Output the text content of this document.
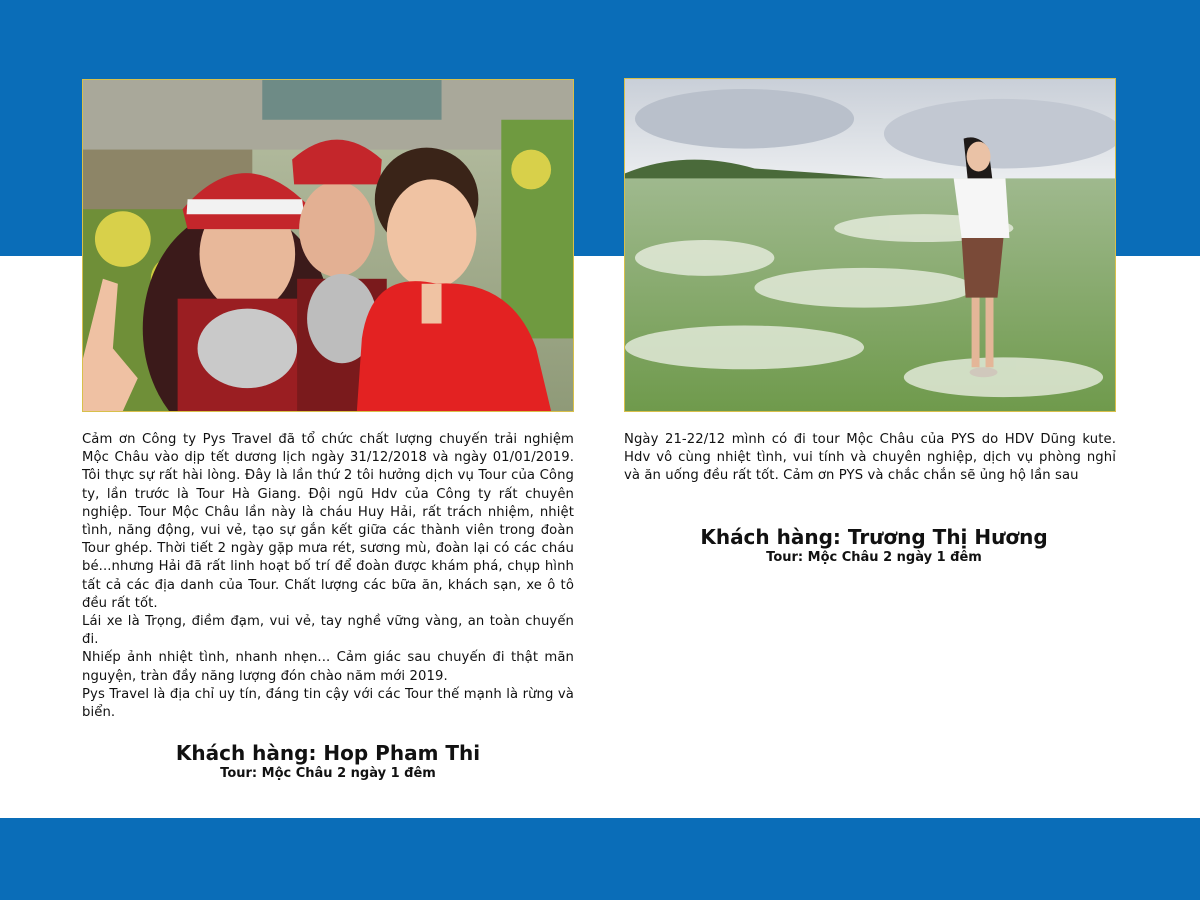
Cảm ơn Công ty Pys Travel đã tổ chức chất lượng chuyến trải nghiệm Mộc Châu vào dịp tết dương lịch ngày 31/12/2018 và ngày 01/01/2019. Tôi thực sự rất hài lòng. Đây là lần thứ 2 tôi hưởng dịch vụ Tour của Công ty, lần trước là Tour Hà Giang. Đội ngũ Hdv của Công ty rất chuyên nghiệp. Tour Mộc Châu lần này là cháu Huy Hải, rất trách nhiệm, nhiệt tình, năng động, vui vẻ, tạo sự gắn kết giữa các thành viên trong đoàn Tour ghép. Thời tiết 2 ngày gặp mưa rét, sương mù, đoàn lại có các cháu bé...nhưng Hải đã rất linh hoạt bố trí để đoàn được khám phá, chụp hình tất cả các địa danh của Tour. Chất lượng các bữa ăn, khách sạn, xe ô tô đều rất tốt.

Lái xe là Trọng, điềm đạm, vui vẻ, tay nghề vững vàng, an toàn chuyến đi.

Nhiếp ảnh nhiệt tình, nhanh nhẹn... Cảm giác sau chuyến đi thật mãn nguyện, tràn đầy năng lượng đón chào năm mới 2019.

Pys Travel là địa chỉ uy tín, đáng tin cậy với các Tour thế mạnh là rừng và biển.

Khách hàng: Hop Pham Thi
Tour: Mộc Châu 2 ngày 1 đêm

Ngày 21-22/12 mình có đi tour Mộc Châu của PYS do HDV Dũng kute. Hdv vô cùng nhiệt tình, vui tính và chuyên nghiệp, dịch vụ phòng nghỉ và ăn uống đều rất tốt. Cảm ơn PYS và chắc chắn sẽ ủng hộ lần sau

Khách hàng: Trương Thị Hương
Tour: Mộc Châu 2 ngày 1 đêm
